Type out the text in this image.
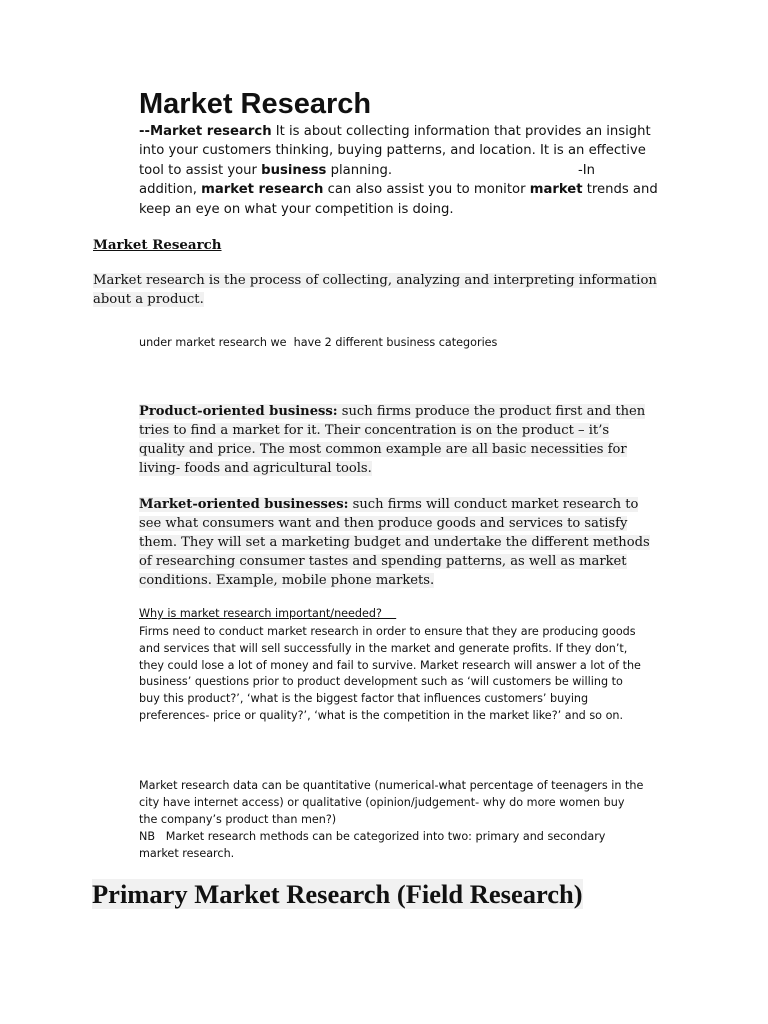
Market Research
--Market research It is about collecting information that provides an insight
into your customers thinking, buying patterns, and location. It is an effective
tool to assist your business planning.	-In
addition, market research can also assist you to monitor market trends and
keep an eye on what your competition is doing.
Market Research
Market research is the process of collecting, analyzing and interpreting information
about a product.

under market research we  have 2 different business categories

Product-oriented business: such firms produce the product first and then
tries to find a market for it. Their concentration is on the product – it’s
quality and price. The most common example are all basic necessities for
living- foods and agricultural tools.
Market-oriented businesses: such firms will conduct market research to
see what consumers want and then produce goods and services to satisfy
them. They will set a marketing budget and undertake the different methods
of researching consumer tastes and spending patterns, as well as market
conditions. Example, mobile phone markets.

Why is market research important/needed?

Firms need to conduct market research in order to ensure that they are producing goods
and services that will sell successfully in the market and generate profits. If they don’t,
they could lose a lot of money and fail to survive. Market research will answer a lot of the
business’ questions prior to product development such as ‘will customers be willing to
buy this product?’, ‘what is the biggest factor that influences customers’ buying
preferences- price or quality?’, ‘what is the competition in the market like?’ and so on.
Market research data can be quantitative (numerical-what percentage of teenagers in the
city have internet access) or qualitative (opinion/judgement- why do more women buy
the company’s product than men?)
NB   Market research methods can be categorized into two: primary and secondary
market research.
Primary Market Research (Field Research)
